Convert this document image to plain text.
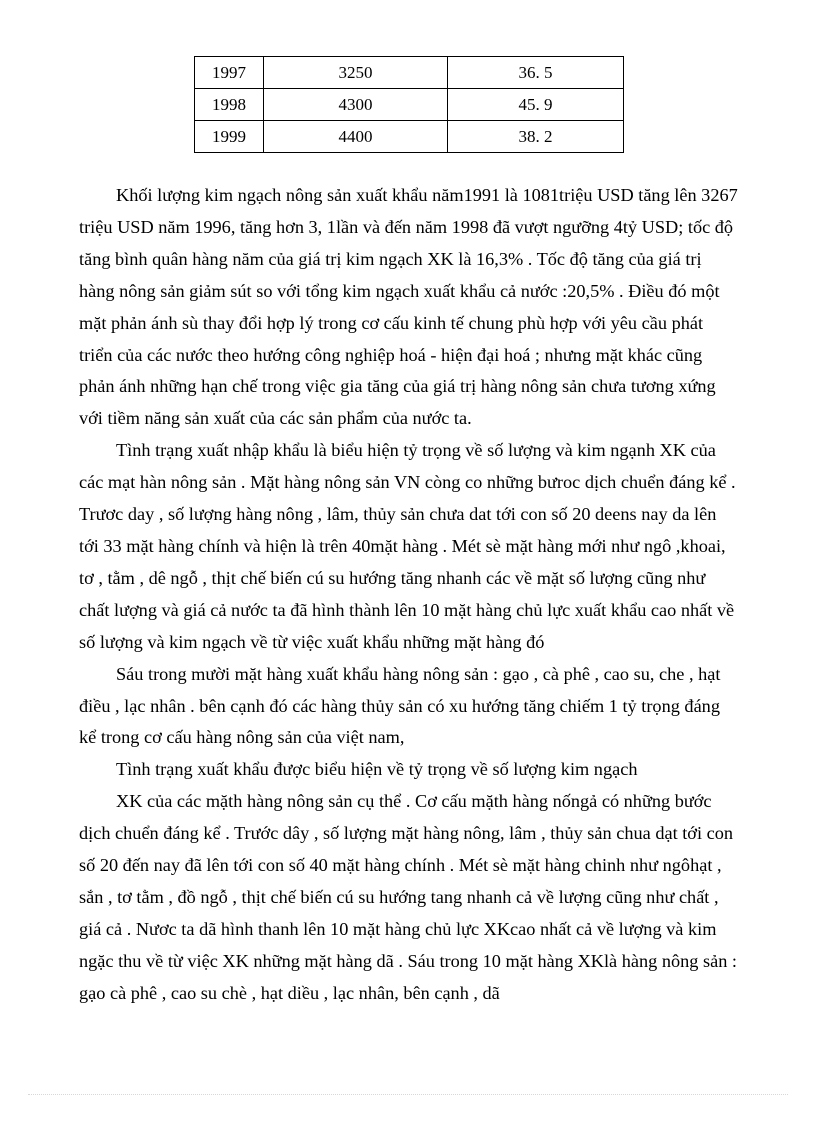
1997	3250	36. 5
1998	4300	45. 9
1999	4400	38. 2

Khối lượng kim ngạch nông sản xuất khẩu năm1991 là 1081triệu USD tăng lên 3267 triệu USD năm 1996, tăng hơn 3, 1lần và đến năm 1998 đã vượt ngưỡng 4tỷ USD; tốc độ tăng bình quân hàng năm của giá trị kim ngạch XK là 16,3% . Tốc độ tăng của giá trị hàng nông sản giảm sút so với tổng kim ngạch xuất khẩu cả nước :20,5% . Điều đó một mặt phản ánh sù thay đổi hợp lý trong cơ cấu kinh tế chung phù hợp với yêu cầu phát triển của các nước theo hướng công nghiệp hoá - hiện đại hoá ; nhưng mặt khác cũng phản ánh những hạn chế trong việc gia tăng của giá trị hàng nông sản chưa tương xứng với tiềm năng sản xuất của các sản phẩm của nước ta.

Tình trạng xuất nhập khẩu là biểu hiện tỷ trọng về số lượng và kim ngạnh XK của các mạt hàn nông sản . Mặt hàng nông sản VN còng co những bưroc dịch chuển đáng kể . Trươc day , số lượng hàng nông , lâm, thủy sản chưa dat tới con số 20 deens nay da lên tới 33 mặt hàng chính và hiện là trên 40mặt hàng . Mét sè mặt hàng mới như ngô ,khoai, tơ , tằm , dê ngỗ , thịt chế biến cú su hướng tăng nhanh các về mặt số lượng cũng như chất lượng và giá cả nước ta đã hình thành lên 10 mặt hàng chủ lực xuất khẩu cao nhất về số lượng và kim ngạch về từ việc xuất khẩu những mặt hàng đó

Sáu trong mười mặt hàng xuất khẩu hàng nông sản : gạo , cà phê , cao su, che , hạt điều , lạc nhân . bên cạnh đó các hàng thủy sản có xu hướng tăng chiếm 1 tỷ trọng đáng kể trong cơ cấu hàng nông sản của việt nam,

Tình trạng xuất khẩu được biểu hiện về tỷ trọng về số lượng kim ngạch

XK của các mặth hàng nông sản cụ thể . Cơ cấu mặth hàng nốngả có những bước dịch chuển đáng kể . Trước dây , số lượng mặt hàng nông, lâm , thủy sản chua dạt tới con số 20 đến nay đã lên tới con số 40 mặt hàng chính . Mét sè mặt hàng chinh như ngôhạt , sắn , tơ tằm , đồ ngỗ , thịt chế biến cú su hướng tang nhanh cả về lượng cũng như chất , giá cả . Nươc ta dã hình thanh lên 10 mặt hàng chủ lực XKcao nhất cả về lượng và kim ngặc thu về từ việc XK những mặt hàng dã . Sáu trong 10 mặt hàng XKlà hàng nông sản : gạo cà phê , cao su chè , hạt diều , lạc nhân, bên cạnh , dã
